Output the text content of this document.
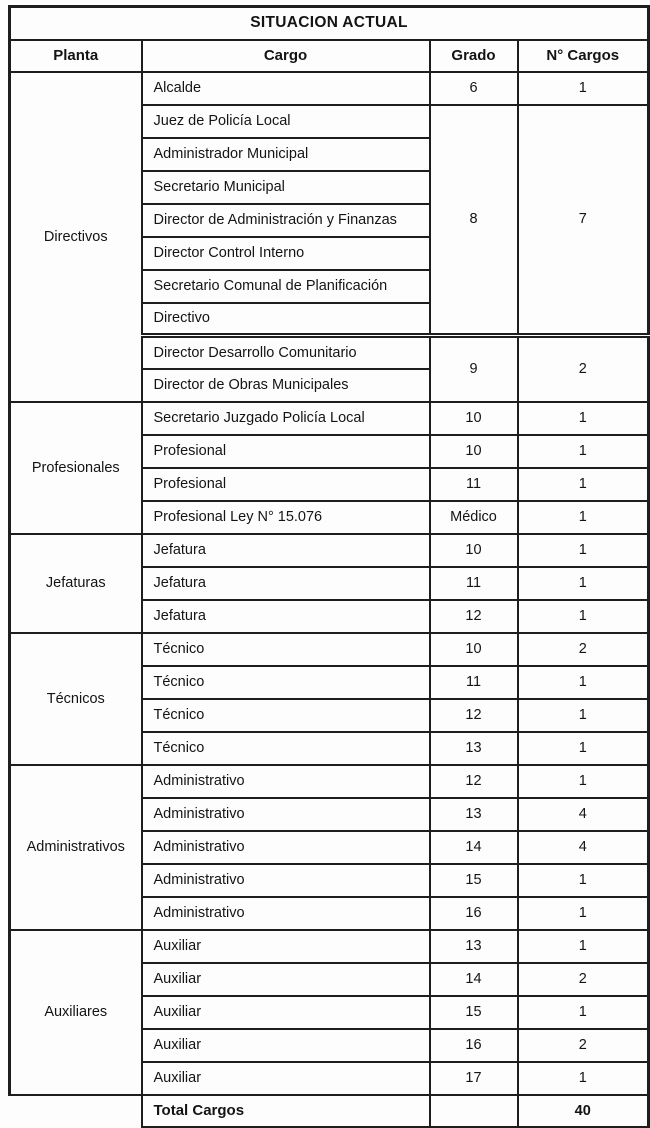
SITUACION ACTUAL			
Planta	Cargo	Grado	N° Cargos
Directivos	Alcalde	6	1
	Juez de Policía Local	8	7
	Administrador Municipal		
	Secretario Municipal		
	Director de Administración y Finanzas		
	Director Control Interno		
	Secretario Comunal de Planificación		
	Directivo		
	Director Desarrollo Comunitario	9	2
	Director de Obras Municipales		
Profesionales	Secretario Juzgado Policía Local	10	1
	Profesional	10	1
	Profesional	11	1
	Profesional Ley N° 15.076	Médico	1
Jefaturas	Jefatura	10	1
	Jefatura	11	1
	Jefatura	12	1
Técnicos	Técnico	10	2
	Técnico	11	1
	Técnico	12	1
	Técnico	13	1
Administrativos	Administrativo	12	1
	Administrativo	13	4
	Administrativo	14	4
	Administrativo	15	1
	Administrativo	16	1
Auxiliares	Auxiliar	13	1
	Auxiliar	14	2
	Auxiliar	15	1
	Auxiliar	16	2
	Auxiliar	17	1
	Total Cargos		40
